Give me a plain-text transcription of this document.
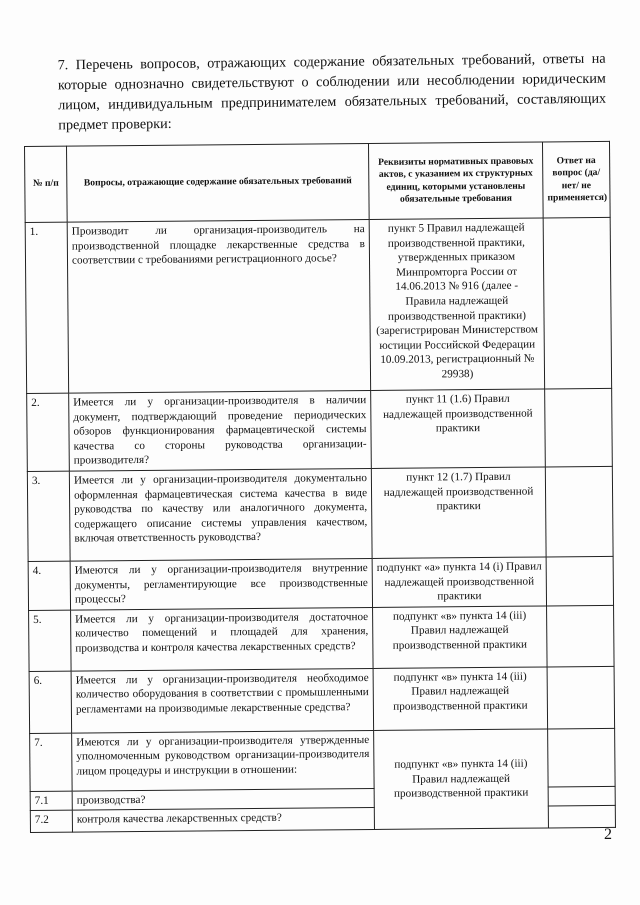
7. Перечень вопросов, отражающих содержание обязательных требований, ответы на которые однозначно свидетельствуют о соблюдении или несоблюдении юридическим лицом, индивидуальным предпринимателем обязательных требований, составляющих предмет проверки:
№ п/п	Вопросы, отражающие содержание обязательных требований	Реквизиты нормативных правовых актов, с указанием их структурных единиц, которыми установлены обязательные требования	Ответ на вопрос (да/нет/ не применяется)
1.	Производит ли организация-производитель на производственной площадке лекарственные средства в соответствии с требованиями регистрационного досье?	пункт 5 Правил надлежащей производственной практики, утвержденных приказом Минпромторга России от 14.06.2013 № 916 (далее - Правила надлежащей производственной практики) (зарегистрирован Министерством юстиции Российской Федерации 10.09.2013, регистрационный № 29938)	
2.	Имеется ли у организации-производителя в наличии документ, подтверждающий проведение периодических обзоров функционирования фармацевтической системы качества со стороны руководства организации-производителя?	пункт 11 (1.6) Правил надлежащей производственной практики	
3.	Имеется ли у организации-производителя документально оформленная фармацевтическая система качества в виде руководства по качеству или аналогичного документа, содержащего описание системы управления качеством, включая ответственность руководства?	пункт 12 (1.7) Правил надлежащей производственной практики	
4.	Имеются ли у организации-производителя внутренние документы, регламентирующие все производственные процессы?	подпункт «а» пункта 14 (i) Правил надлежащей производственной практики	
5.	Имеется ли у организации-производителя достаточное количество помещений и площадей для хранения, производства и контроля качества лекарственных средств?	подпункт «в» пункта 14 (iii) Правил надлежащей производственной практики	
6.	Имеется ли у организации-производителя необходимое количество оборудования в соответствии с промышленными регламентами на производимые лекарственные средства?	подпункт «в» пункта 14 (iii) Правил надлежащей производственной практики	
7.	Имеются ли у организации-производителя утвержденные уполномоченным руководством организации-производителя лицом процедуры и инструкции в отношении:	подпункт «в» пункта 14 (iii) Правил надлежащей производственной практики	
7.1	производства?		
7.2	контроля качества лекарственных средств?		
2
